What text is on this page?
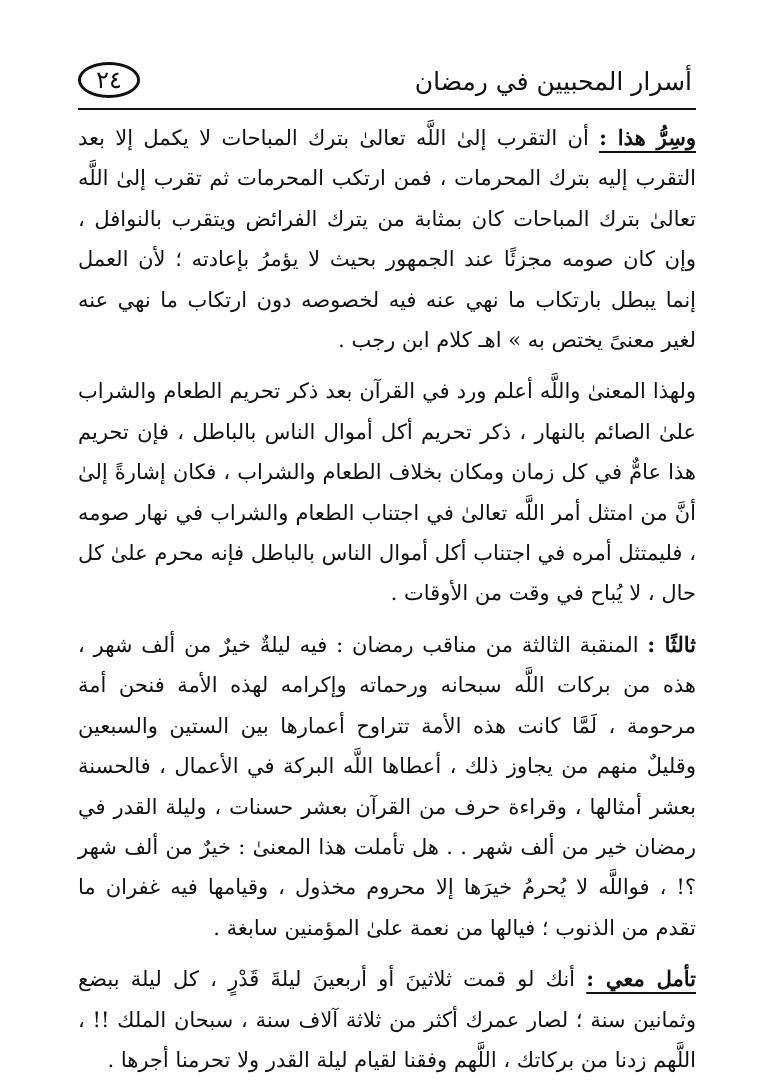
أسرار المحبيين في رمضان
٢٤

وسِرُّ هذا : أن التقرب إلىٰ اللَّه تعالىٰ بترك المباحات لا يكمل إلا بعد التقرب إليه بترك المحرمات ، فمن ارتكب المحرمات ثم تقرب إلىٰ اللَّه تعالىٰ بترك المباحات كان بمثابة من يترك الفرائض ويتقرب بالنوافل ، وإن كان صومه مجزئًا عند الجمهور بحيث لا يؤمرُ بإعادته ؛ لأن العمل إنما يبطل بارتكاب ما نهي عنه فيه لخصوصه دون ارتكاب ما نهي عنه لغير معنىً يختص به » اهـ كلام ابن رجب .

ولهذا المعنىٰ واللَّه أعلم ورد في القرآن بعد ذكر تحريم الطعام والشراب علىٰ الصائم بالنهار ، ذكر تحريم أكل أموال الناس بالباطل ، فإن تحريم هذا عامٌّ في كل زمان ومكان بخلاف الطعام والشراب ، فكان إشارةً إلىٰ أنَّ من امتثل أمر اللَّه تعالىٰ في اجتناب الطعام والشراب في نهار صومه ، فليمتثل أمره في اجتناب أكل أموال الناس بالباطل فإنه محرم علىٰ كل حال ، لا يُباح في وقت من الأوقات .

ثالثًا : المنقبة الثالثة من مناقب رمضان : فيه ليلةٌ خيرٌ من ألف شهر ، هذه من بركات اللَّه سبحانه ورحماته وإكرامه لهذه الأمة فنحن أمة مرحومة ، لَمَّا كانت هذه الأمة تتراوح أعمارها بين الستين والسبعين وقليلٌ منهم من يجاوز ذلك ، أعطاها اللَّه البركة في الأعمال ، فالحسنة بعشر أمثالها ، وقراءة حرف من القرآن بعشر حسنات ، وليلة القدر في رمضان خير من ألف شهر . . هل تأملت هذا المعنىٰ : خيرٌ من ألف شهر ؟! ، فواللَّه لا يُحرمُ خيرَها إلا محروم مخذول ، وقيامها فيه غفران ما تقدم من الذنوب ؛ فيالها من نعمة علىٰ المؤمنين سابغة .

تأمل معي : أنك لو قمت ثلاثينَ أو أربعينَ ليلةَ قَدْرٍ ، كل ليلة ببضع وثمانين سنة ؛ لصار عمرك أكثر من ثلاثة آلاف سنة ، سبحان الملك !! ، اللَّهم زدنا من بركاتك ، اللَّهم وفقنا لقيام ليلة القدر ولا تحرمنا أجرها .
